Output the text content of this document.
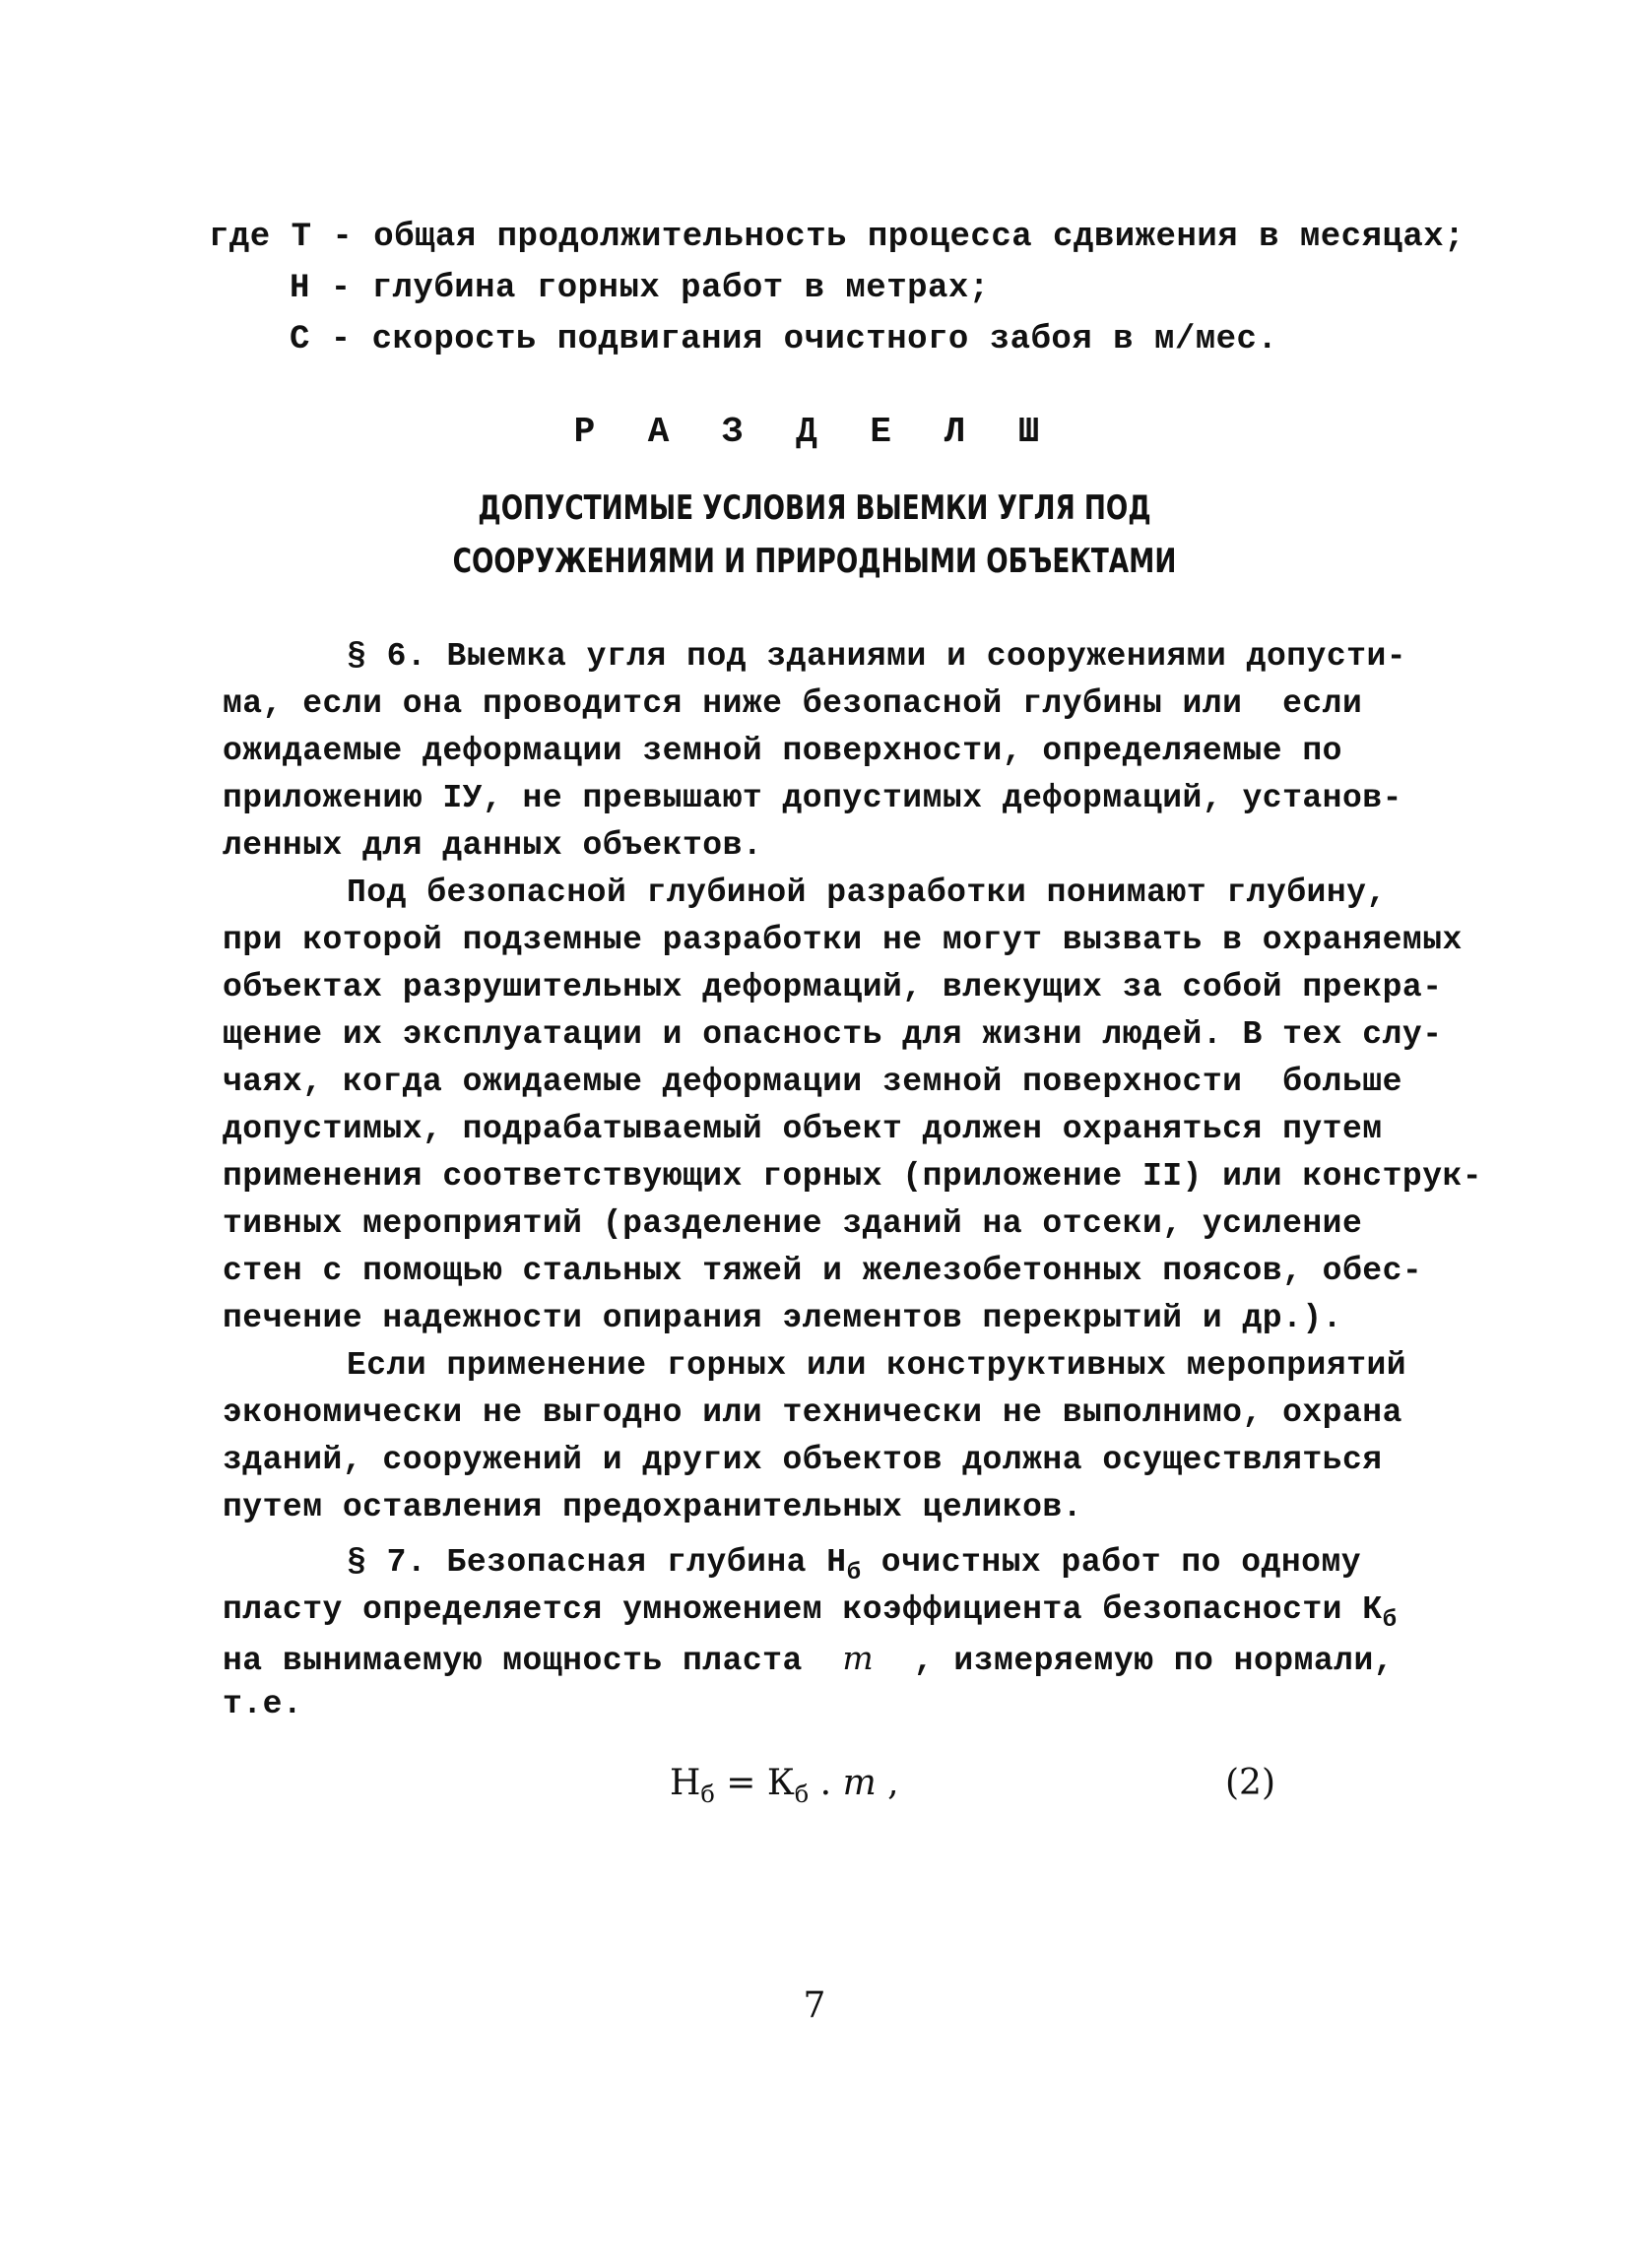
где Т - общая продолжительность процесса сдвижения в месяцах;
Н - глубина горных работ в метрах;
С - скорость подвигания очистного забоя в м/мес.
Р А З Д Е Л Ш
ДОПУСТИМЫЕ УСЛОВИЯ ВЫЕМКИ УГЛЯ ПОД
СООРУЖЕНИЯМИ И ПРИРОДНЫМИ ОБЪЕКТАМИ
§ 6. Выемка угля под зданиями и сооружениями допусти-
ма, если она проводится ниже безопасной глубины или  если
ожидаемые деформации земной поверхности, определяемые по
приложению IУ, не превышают допустимых деформаций, установ-
ленных для данных объектов.
Под безопасной глубиной разработки понимают глубину,
при которой подземные разработки не могут вызвать в охраняемых
объектах разрушительных деформаций, влекущих за собой прекра-
щение их эксплуатации и опасность для жизни людей. В тех слу-
чаях, когда ожидаемые деформации земной поверхности  больше
допустимых, подрабатываемый объект должен охраняться путем
применения соответствующих горных (приложение II) или конструк-
тивных мероприятий (разделение зданий на отсеки, усиление
стен с помощью стальных тяжей и железобетонных поясов, обес-
печение надежности опирания элементов перекрытий и др.).
Если применение горных или конструктивных мероприятий
экономически не выгодно или технически не выполнимо, охрана
зданий, сооружений и других объектов должна осуществляться
путем оставления предохранительных целиков.
§ 7. Безопасная глубина $Н_б$ очистных работ по одному
пласту определяется умножением коэффициента безопасности $К_б$
на вынимаемую мощность пласта  m  , измеряемую по нормали,
т.е.
$Н_б = К_б$ . m ,	(2)
7
